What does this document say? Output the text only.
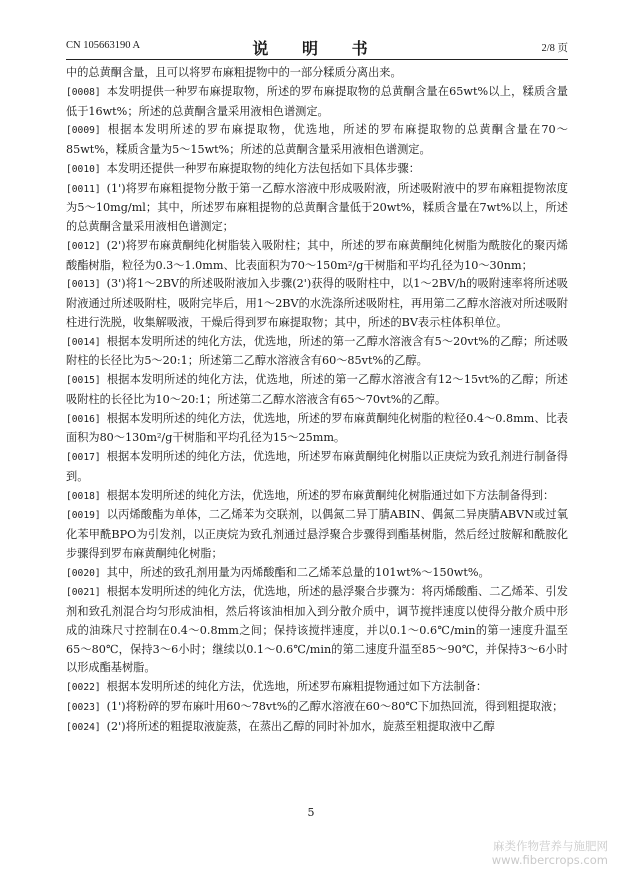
CN 105663190 A	说 明 书	2/8 页

中的总黄酮含量，且可以将罗布麻粗提物中的一部分糅质分离出来。

[0008] 本发明提供一种罗布麻提取物，所述的罗布麻提取物的总黄酮含量在65wt%以上，糅质含量低于16wt%；所述的总黄酮含量采用液相色谱测定。

[0009] 根据本发明所述的罗布麻提取物，优选地，所述的罗布麻提取物的总黄酮含量在70～85wt%，糅质含量为5～15wt%；所述的总黄酮含量采用液相色谱测定。

[0010] 本发明还提供一种罗布麻提取物的纯化方法包括如下具体步骤：

[0011] (1')将罗布麻粗提物分散于第一乙醇水溶液中形成吸附液，所述吸附液中的罗布麻粗提物浓度为5～10mg/ml；其中，所述罗布麻粗提物的总黄酮含量低于20wt%，糅质含量在7wt%以上，所述的总黄酮含量采用液相色谱测定；

[0012] (2')将罗布麻黄酮纯化树脂装入吸附柱；其中，所述的罗布麻黄酮纯化树脂为酰胺化的聚丙烯酸酯树脂，粒径为0.3～1.0mm、比表面积为70～150m²/g干树脂和平均孔径为10～30nm；

[0013] (3')将1～2BV的所述吸附液加入步骤(2')获得的吸附柱中，以1～2BV/h的吸附速率将所述吸附液通过所述吸附柱，吸附完毕后，用1～2BV的水洗涤所述吸附柱，再用第二乙醇水溶液对所述吸附柱进行洗脱，收集解吸液，干燥后得到罗布麻提取物；其中，所述的BV表示柱体积单位。

[0014] 根据本发明所述的纯化方法，优选地，所述的第一乙醇水溶液含有5～20vt%的乙醇；所述吸附柱的长径比为5～20:1；所述第二乙醇水溶液含有60～85vt%的乙醇。

[0015] 根据本发明所述的纯化方法，优选地，所述的第一乙醇水溶液含有12～15vt%的乙醇；所述吸附柱的长径比为10～20:1；所述第二乙醇水溶液含有65～70vt%的乙醇。

[0016] 根据本发明所述的纯化方法，优选地，所述的罗布麻黄酮纯化树脂的粒径0.4～0.8mm、比表面积为80～130m²/g干树脂和平均孔径为15～25mm。

[0017] 根据本发明所述的纯化方法，优选地，所述罗布麻黄酮纯化树脂以正庚烷为致孔剂进行制备得到。

[0018] 根据本发明所述的纯化方法，优选地，所述的罗布麻黄酮纯化树脂通过如下方法制备得到：

[0019] 以丙烯酸酯为单体，二乙烯苯为交联剂，以偶氮二异丁腈ABIN、偶氮二异庚腈ABVN或过氧化苯甲酰BPO为引发剂，以正庚烷为致孔剂通过悬浮聚合步骤得到酯基树脂，然后经过胺解和酰胺化步骤得到罗布麻黄酮纯化树脂；

[0020] 其中，所述的致孔剂用量为丙烯酸酯和二乙烯苯总量的101wt%～150wt%。

[0021] 根据本发明所述的纯化方法，优选地，所述的悬浮聚合步骤为：将丙烯酸酯、二乙烯苯、引发剂和致孔剂混合均匀形成油相，然后将该油相加入到分散介质中，调节搅拌速度以使得分散介质中形成的油珠尺寸控制在0.4～0.8mm之间；保持该搅拌速度，并以0.1～0.6℃/min的第一速度升温至65～80℃，保持3～6小时；继续以0.1～0.6℃/min的第二速度升温至85～90℃，并保持3～6小时以形成酯基树脂。

[0022] 根据本发明所述的纯化方法，优选地，所述罗布麻粗提物通过如下方法制备：

[0023] (1')将粉碎的罗布麻叶用60～78vt%的乙醇水溶液在60～80℃下加热回流，得到粗提取液；

[0024] (2')将所述的粗提取液旋蒸，在蒸出乙醇的同时补加水，旋蒸至粗提取液中乙醇

5
麻类作物营养与施肥网
www.fibercrops.com
